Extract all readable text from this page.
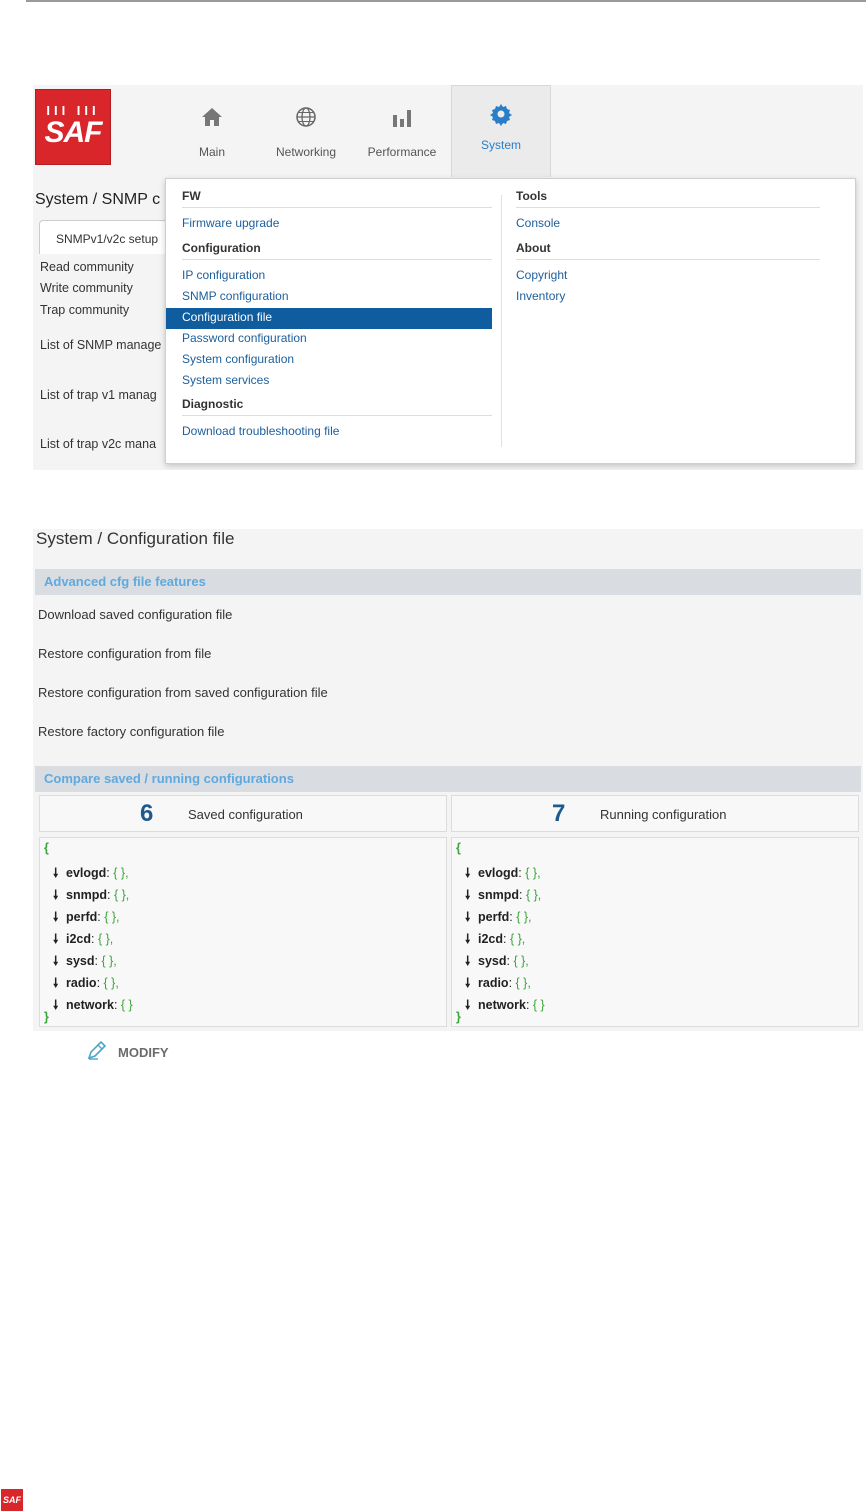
III III
SAF
Main	Networking	Performance	System
System / SNMP c
SNMPv1/v2c setup
Read community
Write community
Trap community
List of SNMP manage
List of trap v1 manag
List of trap v2c mana
FW
Firmware upgrade
Configuration
IP configuration
SNMP configuration
Configuration file
Password configuration
System configuration
System services
Diagnostic
Download troubleshooting file
Tools
Console
About
Copyright
Inventory
System / Configuration file
Advanced cfg file features
Download saved configuration file
Restore configuration from file
Restore configuration from saved configuration file
Restore factory configuration file
Compare saved / running configurations
6	Saved configuration	7	Running configuration
{
🠗 evlogd: { },
🠗 snmpd: { },
🠗 perfd: { },
🠗 i2cd: { },
🠗 sysd: { },
🠗 radio: { },
🠗 network: { }
}
{
🠗 evlogd: { },
🠗 snmpd: { },
🠗 perfd: { },
🠗 i2cd: { },
🠗 sysd: { },
🠗 radio: { },
🠗 network: { }
}
MODIFY
SAF
